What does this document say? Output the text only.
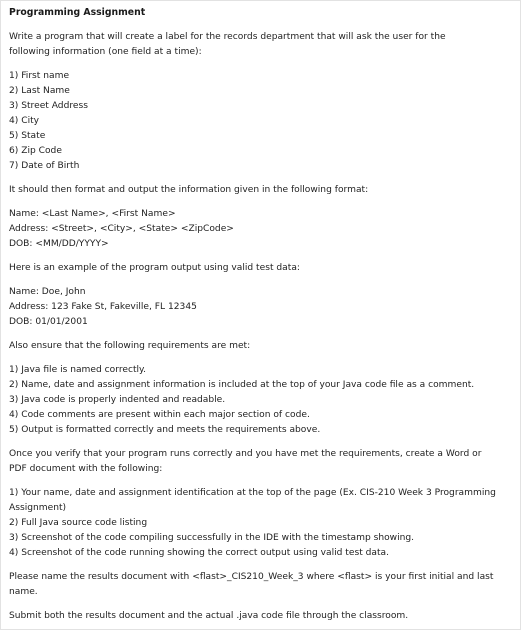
Programming Assignment

Write a program that will create a label for the records department that will ask the user for the following information (one field at a time):

1) First name
2) Last Name
3) Street Address
4) City
5) State
6) Zip Code
7) Date of Birth

It should then format and output the information given in the following format:

Name: <Last Name>, <First Name>
Address: <Street>, <City>, <State> <ZipCode>
DOB: <MM/DD/YYYY>

Here is an example of the program output using valid test data:

Name: Doe, John
Address: 123 Fake St, Fakeville, FL 12345
DOB: 01/01/2001

Also ensure that the following requirements are met:

1) Java file is named correctly.
2) Name, date and assignment information is included at the top of your Java code file as a comment.
3) Java code is properly indented and readable.
4) Code comments are present within each major section of code.
5) Output is formatted correctly and meets the requirements above.

Once you verify that your program runs correctly and you have met the requirements, create a Word or PDF document with the following:

1) Your name, date and assignment identification at the top of the page (Ex. CIS-210 Week 3 Programming Assignment)
2) Full Java source code listing
3) Screenshot of the code compiling successfully in the IDE with the timestamp showing.
4) Screenshot of the code running showing the correct output using valid test data.

Please name the results document with <flast>_CIS210_Week_3 where <flast> is your first initial and last name.

Submit both the results document and the actual .java code file through the classroom.
